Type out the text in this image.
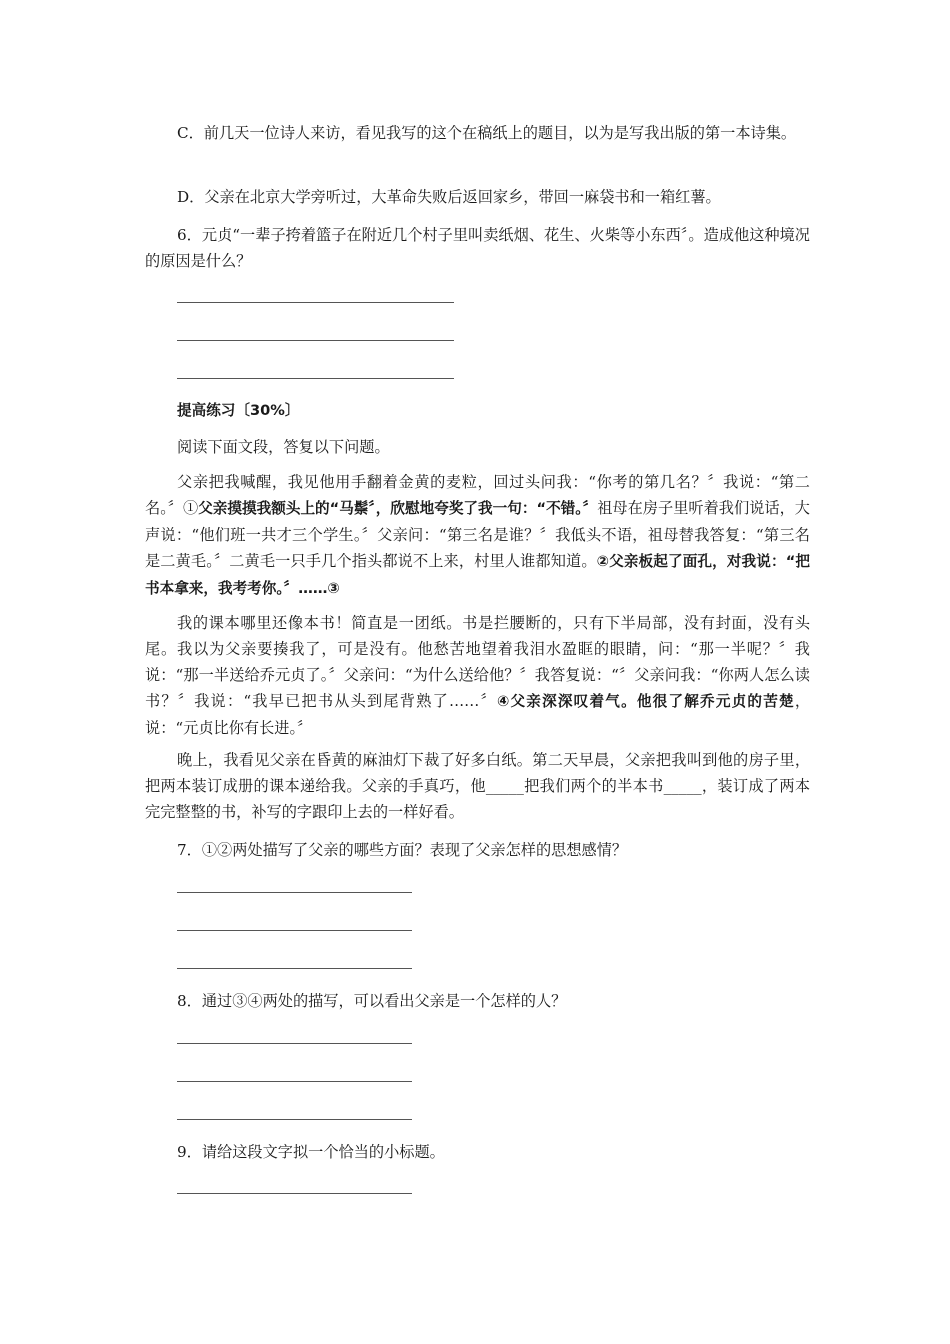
C．前几天一位诗人来访，看见我写的这个在稿纸上的题目，以为是写我出版的第一本诗集。

D．父亲在北京大学旁听过，大革命失败后返回家乡，带回一麻袋书和一箱红薯。

6．元贞“一辈子挎着篮子在附近几个村子里叫卖纸烟、花生、火柴等小东西〞。造成他这种境况的原因是什么？

提高练习〔30%〕

阅读下面文段，答复以下问题。

父亲把我喊醒，我见他用手翻着金黄的麦粒，回过头问我：“你考的第几名？〞我说：“第二名。〞①父亲摸摸我额头上的“马鬃〞，欣慰地夸奖了我一句：“不错。〞祖母在房子里听着我们说话，大声说：“他们班一共才三个学生。〞父亲问：“第三名是谁？〞我低头不语，祖母替我答复：“第三名是二黄毛。〞二黄毛一只手几个指头都说不上来，村里人谁都知道。②父亲板起了面孔，对我说：“把书本拿来，我考考你。〞……③

我的课本哪里还像本书！简直是一团纸。书是拦腰断的，只有下半局部，没有封面，没有头尾。我以为父亲要揍我了，可是没有。他愁苦地望着我泪水盈眶的眼睛，问：“那一半呢？〞我说：“那一半送给乔元贞了。〞父亲问：“为什么送给他？〞我答复说：“〞父亲问我：“你两人怎么读书？〞我说：“我早已把书从头到尾背熟了……〞④父亲深深叹着气。他很了解乔元贞的苦楚，说：“元贞比你有长进。〞

晚上，我看见父亲在昏黄的麻油灯下裁了好多白纸。第二天早晨，父亲把我叫到他的房子里，把两本装订成册的课本递给我。父亲的手真巧，他_____把我们两个的半本书_____，装订成了两本完完整整的书，补写的字跟印上去的一样好看。

7．①②两处描写了父亲的哪些方面？表现了父亲怎样的思想感情？

8．通过③④两处的描写，可以看出父亲是一个怎样的人？

9．请给这段文字拟一个恰当的小标题。
